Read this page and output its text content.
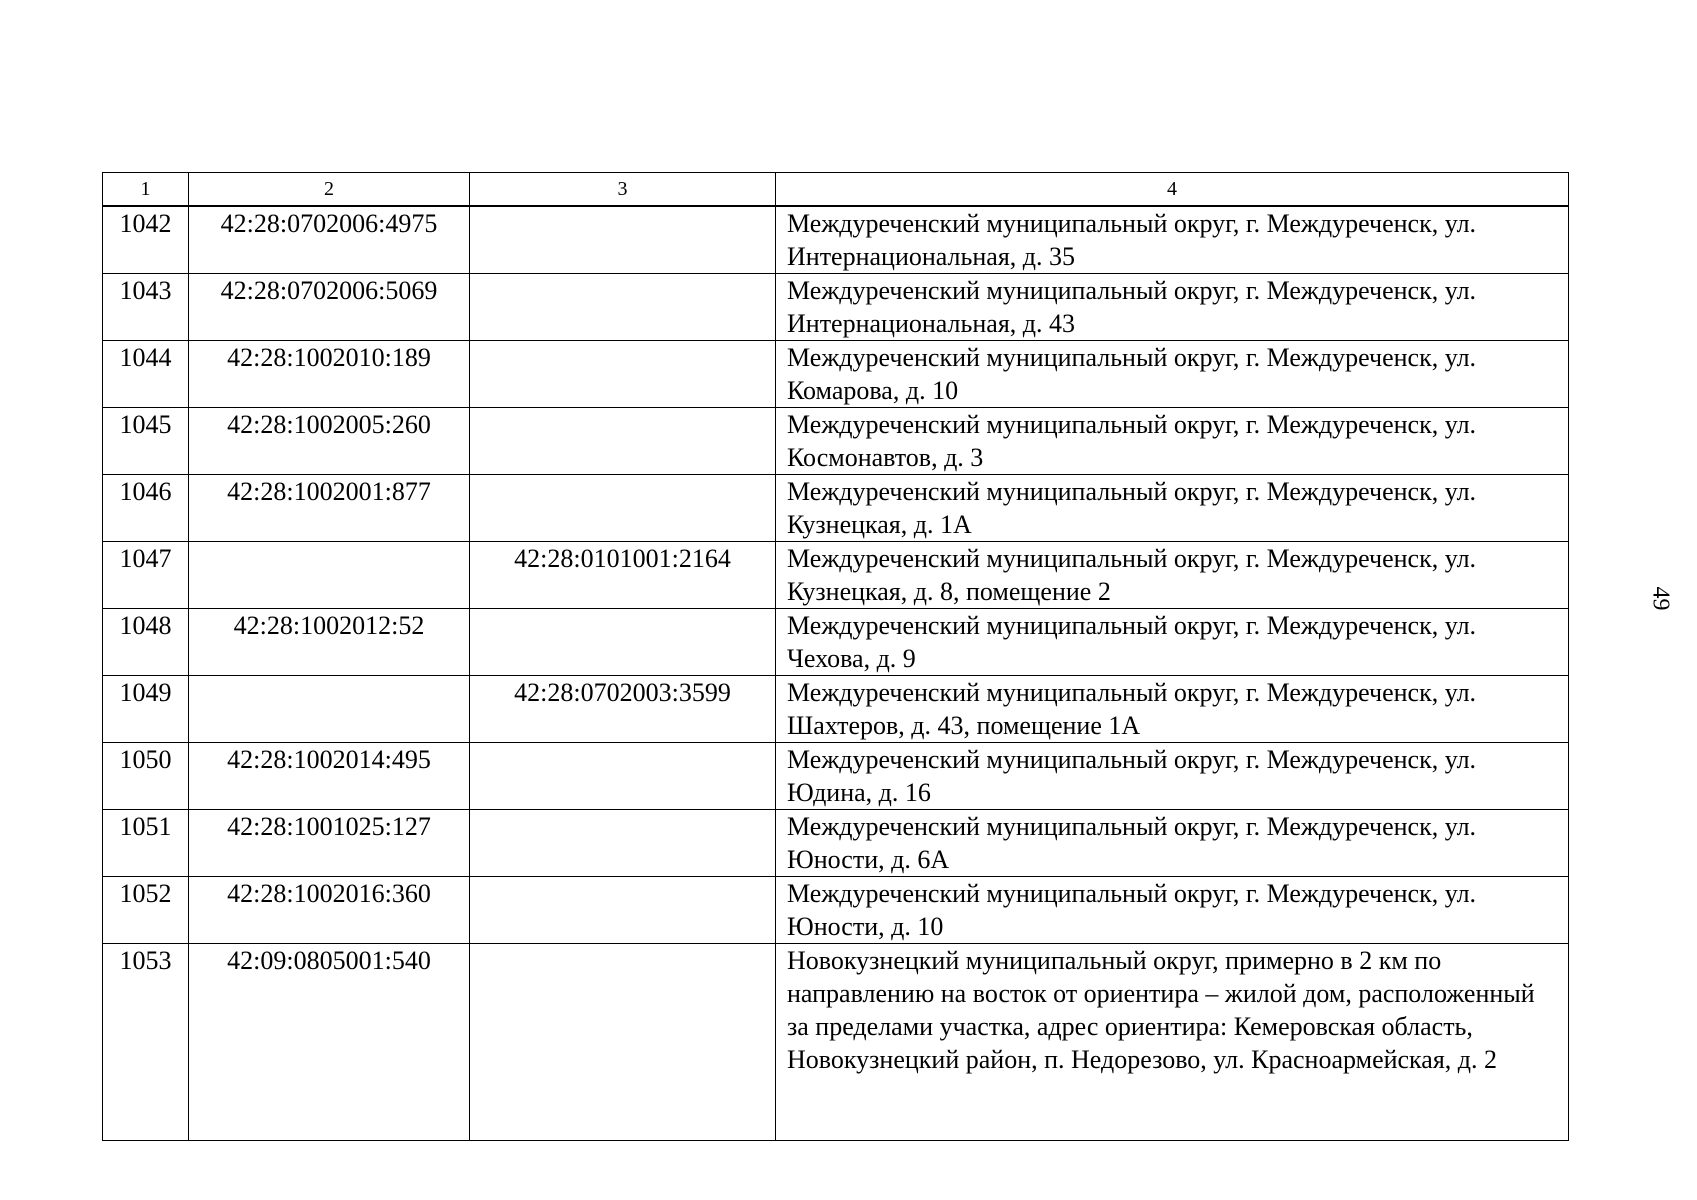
1	2	3	4
1042	42:28:0702006:4975		Междуреченский муниципальный округ, г. Междуреченск, ул. Интернациональная, д. 35
1043	42:28:0702006:5069		Междуреченский муниципальный округ, г. Междуреченск, ул. Интернациональная, д. 43
1044	42:28:1002010:189		Междуреченский муниципальный округ, г. Междуреченск, ул. Комарова, д. 10
1045	42:28:1002005:260		Междуреченский муниципальный округ, г. Междуреченск, ул. Космонавтов, д. 3
1046	42:28:1002001:877		Междуреченский муниципальный округ, г. Междуреченск, ул. Кузнецкая, д. 1А
1047		42:28:0101001:2164	Междуреченский муниципальный округ, г. Междуреченск, ул. Кузнецкая, д. 8, помещение 2
1048	42:28:1002012:52		Междуреченский муниципальный округ, г. Междуреченск, ул. Чехова, д. 9
1049		42:28:0702003:3599	Междуреченский муниципальный округ, г. Междуреченск, ул. Шахтеров, д. 43, помещение 1А
1050	42:28:1002014:495		Междуреченский муниципальный округ, г. Междуреченск, ул. Юдина, д. 16
1051	42:28:1001025:127		Междуреченский муниципальный округ, г. Междуреченск, ул. Юности, д. 6А
1052	42:28:1002016:360		Междуреченский муниципальный округ, г. Междуреченск, ул. Юности, д. 10
1053	42:09:0805001:540		Новокузнецкий муниципальный округ, примерно в 2 км по направлению на восток от ориентира – жилой дом, расположенный за пределами участка, адрес ориентира: Кемеровская область, Новокузнецкий район, п. Недорезово, ул. Красноармейская, д. 2
49
